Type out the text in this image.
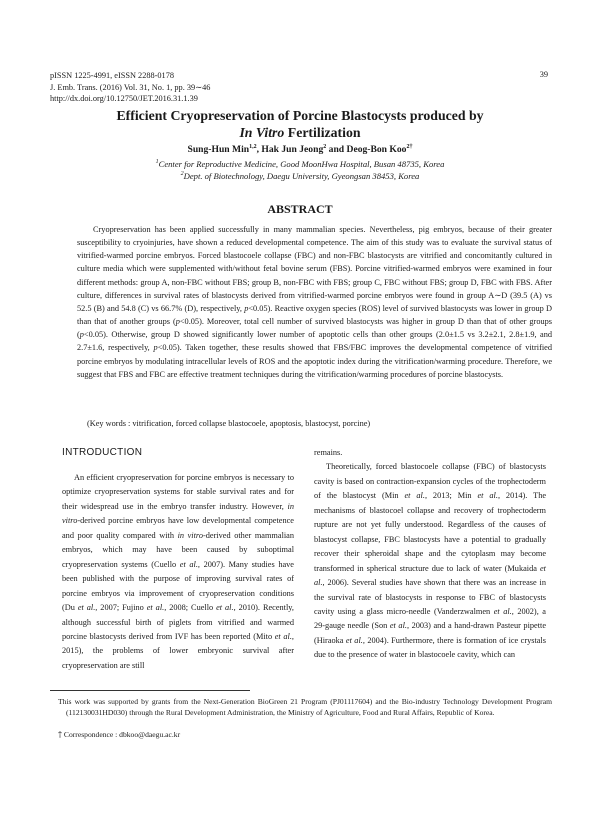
pISSN 1225-4991, eISSN 2288-0178
J. Emb. Trans. (2016) Vol. 31, No. 1, pp. 39∼46
http://dx.doi.org/10.12750/JET.2016.31.1.39
39
Efficient Cryopreservation of Porcine Blastocysts produced by
In Vitro Fertilization
Sung-Hun Min$^{1,2}$, Hak Jun Jeong$^2$ and Deog-Bon Koo$^{2\dagger}$
$^1$Center for Reproductive Medicine, Good MoonHwa Hospital, Busan 48735, Korea
$^2$Dept. of Biotechnology, Daegu University, Gyeongsan 38453, Korea
ABSTRACT

Cryopreservation has been applied successfully in many mammalian species. Nevertheless, pig embryos, because of their greater susceptibility to cryoinjuries, have shown a reduced developmental competence. The aim of this study was to evaluate the survival status of vitrified-warmed porcine embryos. Forced blastocoele collapse (FBC) and non-FBC blastocysts are vitrified and concomitantly cultured in culture media which were supplemented with/without fetal bovine serum (FBS). Porcine vitrified-warmed embryos were examined in four different methods: group A, non-FBC without FBS; group B, non-FBC with FBS; group C, FBC without FBS; group D, FBC with FBS. After culture, differences in survival rates of blastocysts derived from vitrified-warmed porcine embryos were found in group A∼D (39.5 (A) vs 52.5 (B) and 54.8 (C) vs 66.7% (D), respectively, p<0.05). Reactive oxygen species (ROS) level of survived blastocysts was lower in group D than that of another groups (p<0.05). Moreover, total cell number of survived blastocysts was higher in group D than that of other groups (p<0.05). Otherwise, group D showed significantly lower number of apoptotic cells than other groups (2.0±1.5 vs 3.2±2.1, 2.8±1.9, and 2.7±1.6, respectively, p<0.05). Taken together, these results showed that FBS/FBC improves the developmental competence of vitrified porcine embryos by modulating intracellular levels of ROS and the apoptotic index during the vitrification/warming procedure. Therefore, we suggest that FBS and FBC are effective treatment techniques during the vitrification/warming procedures of porcine blastocysts.

(Key words : vitrification, forced collapse blastocoele, apoptosis, blastocyst, porcine)

INTRODUCTION

An efficient cryopreservation for porcine embryos is necessary to optimize cryopreservation systems for stable survival rates and for their widespread use in the embryo transfer industry. However, in vitro-derived porcine embryos have low developmental competence and poor quality compared with in vitro-derived other mammalian embryos, which may have been caused by suboptimal cryopreservation systems (Cuello et al., 2007). Many studies have been published with the purpose of improving survival rates of porcine embryos via improvement of cryopreservation conditions (Du et al., 2007; Fujino et al., 2008; Cuello et al., 2010). Recently, although successful birth of piglets from vitrified and warmed porcine blastocysts derived from IVF has been reported (Mito et al., 2015), the problems of lower embryonic survival after cryopreservation are still

remains.

Theoretically, forced blastocoele collapse (FBC) of blastocysts cavity is based on contraction-expansion cycles of the trophectoderm of the blastocyst (Min et al., 2013; Min et al., 2014). The mechanisms of blastocoel collapse and recovery of trophectoderm rupture are not yet fully understood. Regardless of the causes of blastocyst collapse, FBC blastocysts have a potential to gradually recover their spheroidal shape and the cytoplasm may become transformed in spherical structure due to lack of water (Mukaida et al., 2006). Several studies have shown that there was an increase in the survival rate of blastocysts in response to FBC of blastocysts cavity using a glass micro-needle (Vanderzwalmen et al., 2002), a 29-gauge needle (Son et al., 2003) and a hand-drawn Pasteur pipette (Hiraoka et al., 2004). Furthermore, there is formation of ice crystals due to the presence of water in blastocoele cavity, which can

This work was supported by grants from the Next-Generation BioGreen 21 Program (PJ01117604) and the Bio-industry Technology Development Program (112130031HD030) through the Rural Development Administration, the Ministry of Agriculture, Food and Rural Affairs, Republic of Korea.

† Correspondence : dbkoo@daegu.ac.kr
